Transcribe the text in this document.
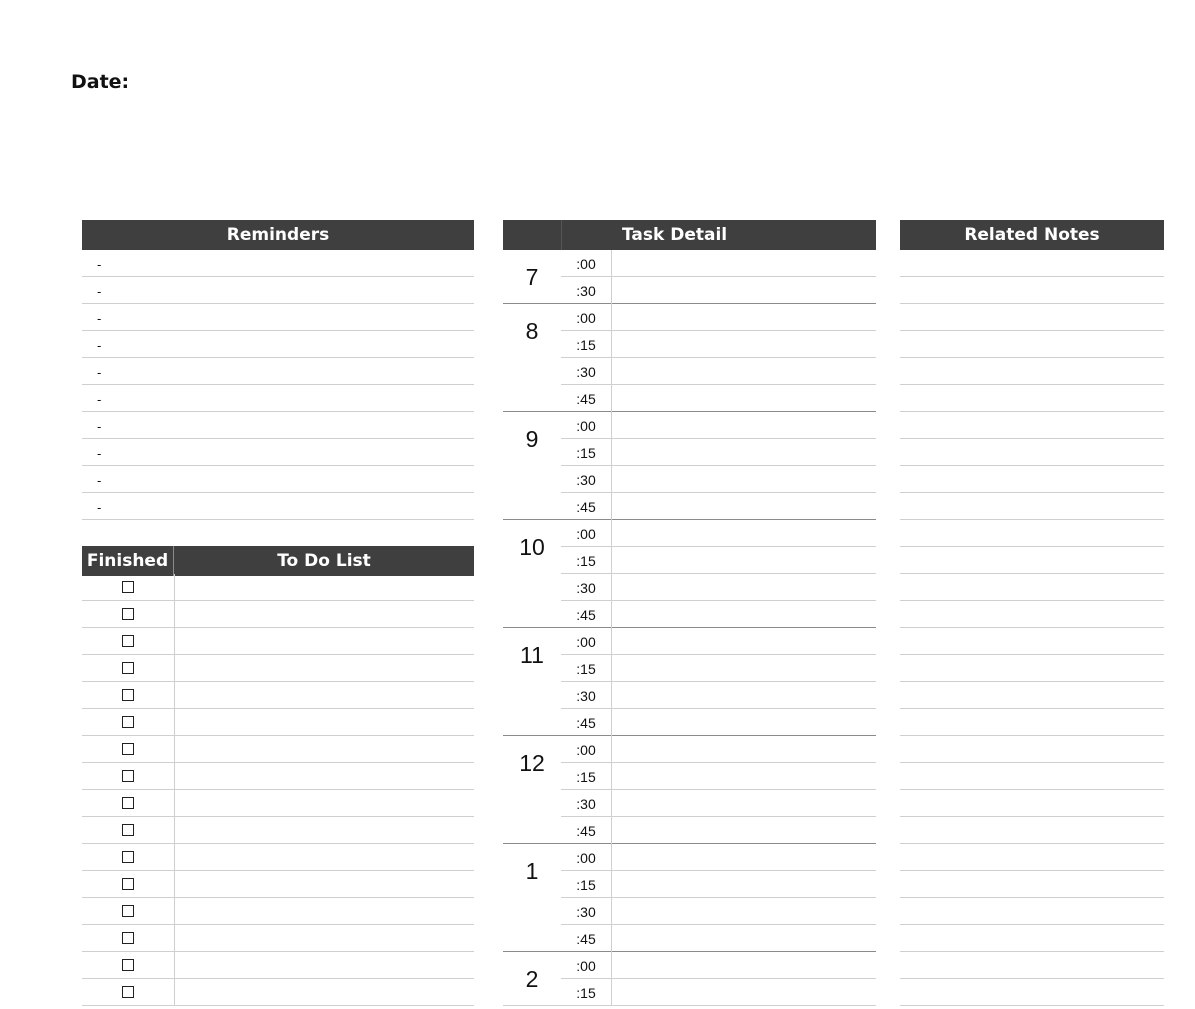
Date:
Reminders
-
-
-
-
-
-
-
-
-
-
Finished	To Do List
Task Detail
7	:00
:30
8	:00
:15
:30
:45
9	:00
:15
:30
:45
10	:00
:15
:30
:45
11	:00
:15
:30
:45
12	:00
:15
:30
:45
1	:00
:15
:30
:45
2	:00
:15
Related Notes
